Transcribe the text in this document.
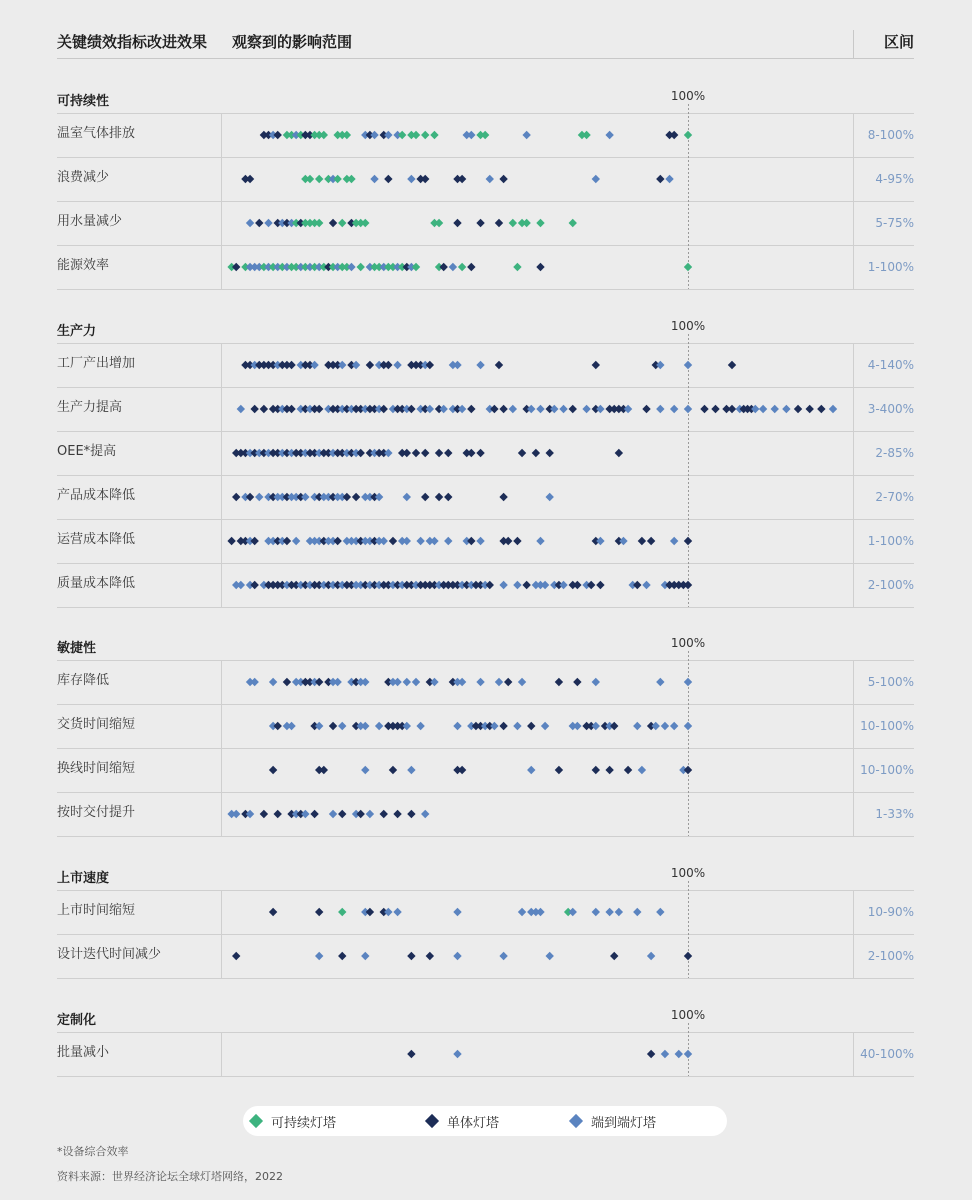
关键绩效指标改进效果 观察到的影响范围	区间
可持续性	100%
温室气体排放	8-100%
浪费减少	4-95%
用水量减少	5-75%
能源效率	1-100%
生产力	100%
工厂产出增加	4-140%
生产力提高	3-400%
OEE*提高	2-85%
产品成本降低	2-70%
运营成本降低	1-100%
质量成本降低	2-100%
敏捷性	100%
库存降低	5-100%
交货时间缩短	10-100%
换线时间缩短	10-100%
按时交付提升	1-33%
上市速度	100%
上市时间缩短	10-90%
设计迭代时间减少	2-100%
定制化	100%
批量减小	40-100%
可持续灯塔	单体灯塔	端到端灯塔
*设备综合效率
资料来源：世界经济论坛全球灯塔网络，2022
